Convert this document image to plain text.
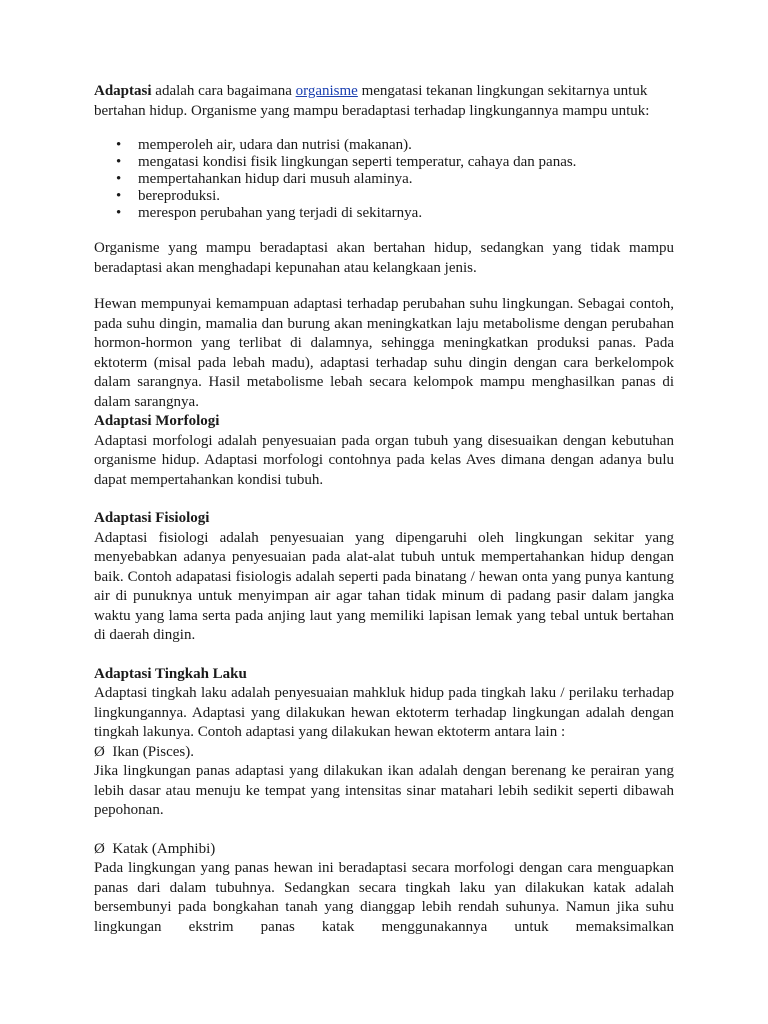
Adaptasi adalah cara bagaimana organisme mengatasi tekanan lingkungan sekitarnya untuk bertahan hidup. Organisme yang mampu beradaptasi terhadap lingkungannya mampu untuk:

• memperoleh air, udara dan nutrisi (makanan).
• mengatasi kondisi fisik lingkungan seperti temperatur, cahaya dan panas.
• mempertahankan hidup dari musuh alaminya.
• bereproduksi.
• merespon perubahan yang terjadi di sekitarnya.

Organisme yang mampu beradaptasi akan bertahan hidup, sedangkan yang tidak mampu beradaptasi akan menghadapi kepunahan atau kelangkaan jenis.

Hewan mempunyai kemampuan adaptasi terhadap perubahan suhu lingkungan. Sebagai contoh, pada suhu dingin, mamalia dan burung akan meningkatkan laju metabolisme dengan perubahan hormon-hormon yang terlibat di dalamnya, sehingga meningkatkan produksi panas. Pada ektoterm (misal pada lebah madu), adaptasi terhadap suhu dingin dengan cara berkelompok dalam sarangnya. Hasil metabolisme lebah secara kelompok mampu menghasilkan panas di dalam sarangnya.

Adaptasi Morfologi

Adaptasi morfologi adalah penyesuaian pada organ tubuh yang disesuaikan dengan kebutuhan organisme hidup. Adaptasi morfologi contohnya pada kelas Aves dimana dengan adanya bulu dapat mempertahankan kondisi tubuh.

Adaptasi Fisiologi

Adaptasi fisiologi adalah penyesuaian yang dipengaruhi oleh lingkungan sekitar yang menyebabkan adanya penyesuaian pada alat-alat tubuh untuk mempertahankan hidup dengan baik. Contoh adapatasi fisiologis adalah seperti pada binatang / hewan onta yang punya kantung air di punuknya untuk menyimpan air agar tahan tidak minum di padang pasir dalam jangka waktu yang lama serta pada anjing laut yang memiliki lapisan lemak yang tebal untuk bertahan di daerah dingin.

Adaptasi Tingkah Laku

Adaptasi tingkah laku adalah penyesuaian mahkluk hidup pada tingkah laku / perilaku terhadap lingkungannya. Adaptasi yang dilakukan hewan ektoterm terhadap lingkungan adalah dengan tingkah lakunya. Contoh adaptasi yang dilakukan hewan ektoterm antara lain :

Ø Ikan (Pisces).

Jika lingkungan panas adaptasi yang dilakukan ikan adalah dengan berenang ke perairan yang lebih dasar atau menuju ke tempat yang intensitas sinar matahari lebih sedikit seperti dibawah pepohonan.

Ø Katak (Amphibi)

Pada lingkungan yang panas hewan ini beradaptasi secara morfologi dengan cara menguapkan panas dari dalam tubuhnya. Sedangkan secara tingkah laku yan dilakukan katak adalah bersembunyi pada bongkahan tanah yang dianggap lebih rendah suhunya. Namun jika suhu lingkungan ekstrim panas katak menggunakannya untuk memaksimalkan
